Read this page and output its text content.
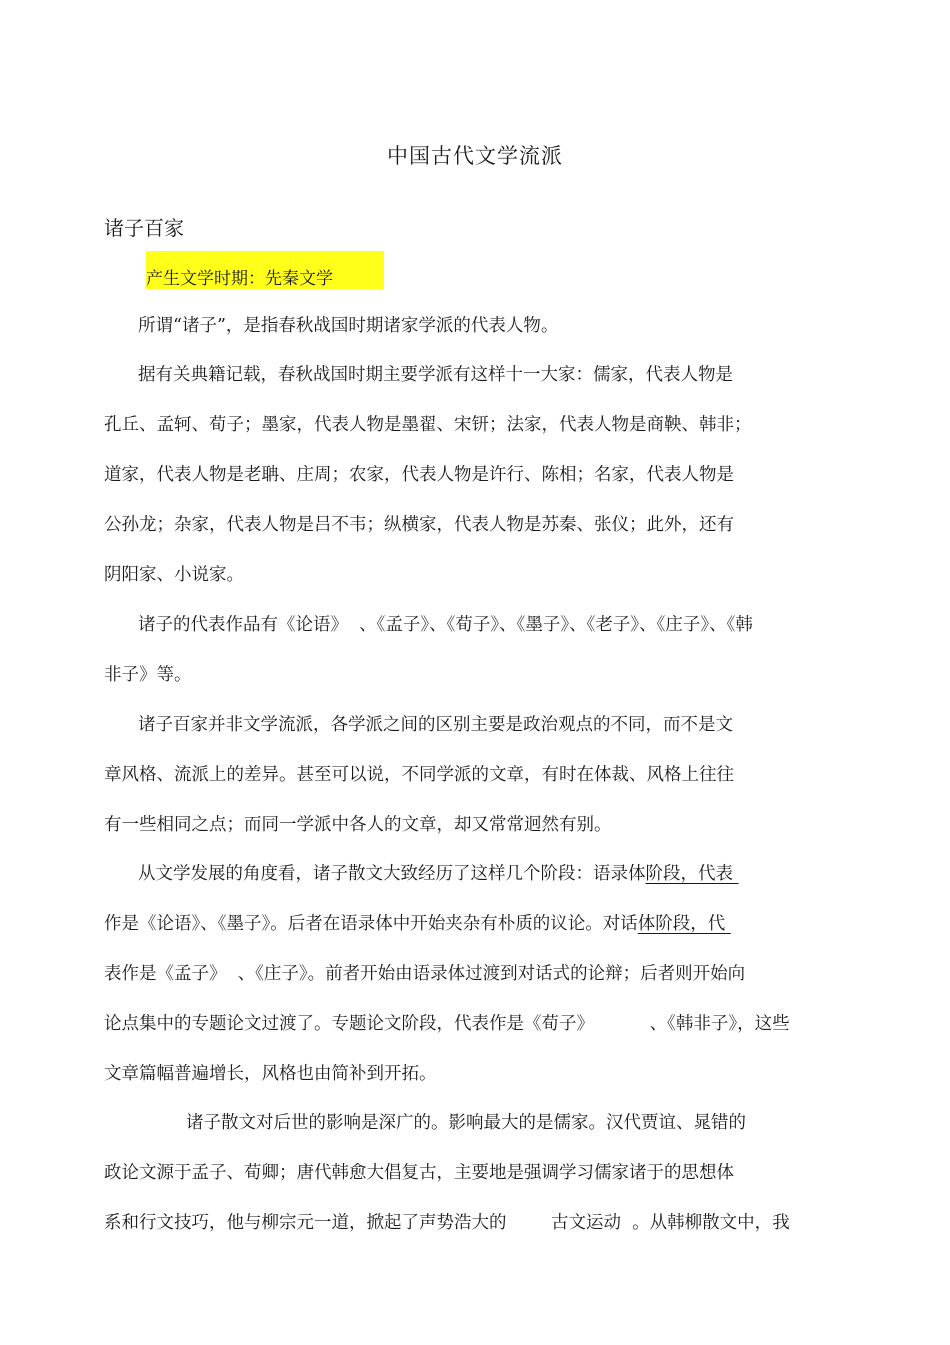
中国古代文学流派
诸子百家
产生文学时期：先秦文学
所谓“诸子”，是指春秋战国时期诸家学派的代表人物。
据有关典籍记载，春秋战国时期主要学派有这样十一大家：儒家，代表人物是
孔丘、孟轲、荀子；墨家，代表人物是墨翟、宋钘；法家，代表人物是商鞅、韩非；
道家，代表人物是老聃、庄周；农家，代表人物是许行、陈相；名家，代表人物是
公孙龙；杂家，代表人物是吕不韦；纵横家，代表人物是苏秦、张仪；此外，还有
阴阳家、小说家。
诸子的代表作品有《论语》  、《孟子》、《荀子》、《墨子》、《老子》、《庄子》、《韩
非子》等。
诸子百家并非文学流派，各学派之间的区别主要是政治观点的不同，而不是文
章风格、流派上的差异。甚至可以说，不同学派的文章，有时在体裁、风格上往往
有一些相同之点；而同一学派中各人的文章，却又常常迥然有别。
从文学发展的角度看，诸子散文大致经历了这样几个阶段：语录体阶段，代表
作是《论语》、《墨子》。后者在语录体中开始夹杂有朴质的议论。对话体阶段，代
表作是《孟子》  、《庄子》。前者开始由语录体过渡到对话式的论辩；后者则开始向
论点集中的专题论文过渡了。专题论文阶段，代表作是《荀子》          、《韩非子》，这些
文章篇幅普遍增长，风格也由简补到开拓。
诸子散文对后世的影响是深广的。影响最大的是儒家。汉代贾谊、晁错的
政论文源于孟子、荀卿；唐代韩愈大倡复古，主要地是强调学习儒家诸于的思想体
系和行文技巧，他与柳宗元一道，掀起了声势浩大的        古文运动  。从韩柳散文中，我
